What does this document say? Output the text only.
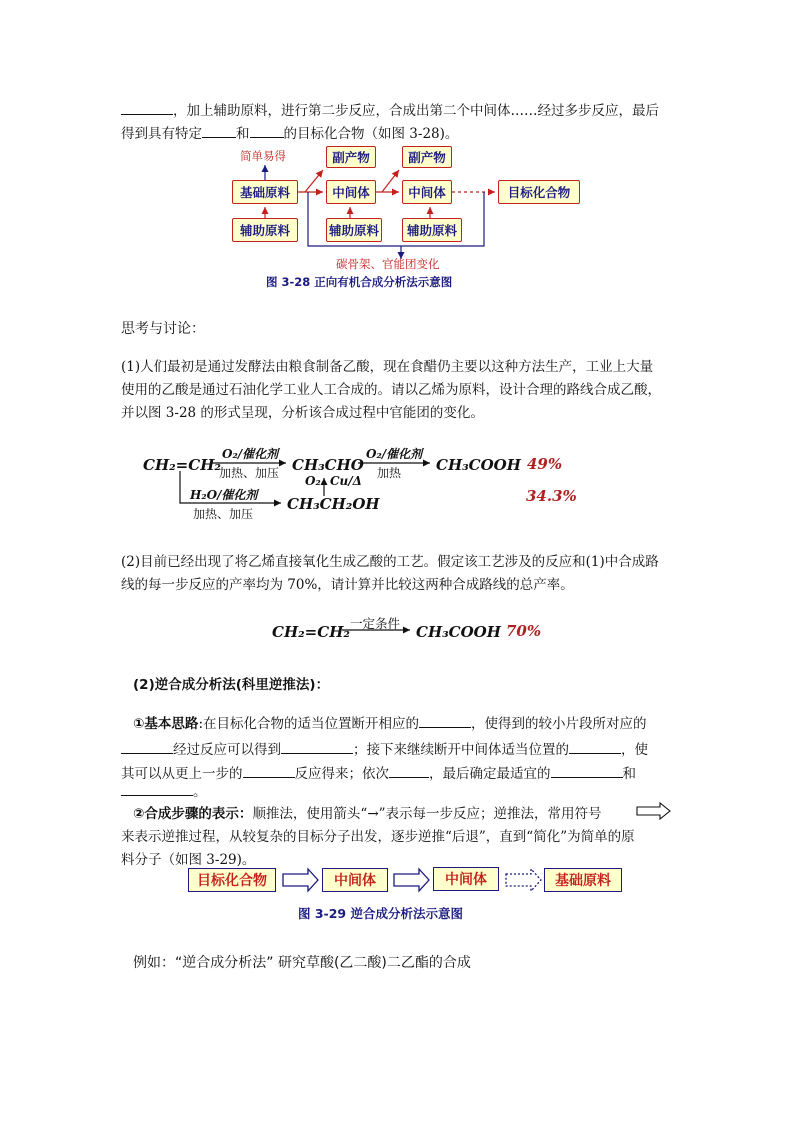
，加上辅助原料，进行第二步反应，合成出第二个中间体……经过多步反应，最后
得到具有特定	和	的目标化合物（如图 3-28)。
简单易得
基础原料
辅助原料
副产物
中间体
辅助原料
副产物
中间体
辅助原料
目标化合物
碳骨架、官能团变化
图 3-28 正向有机合成分析法示意图
思考与讨论：
(1)人们最初是通过发酵法由粮食制备乙酸，现在食醋仍主要以这种方法生产，工业上大量
使用的乙酸是通过石油化学工业人工合成的。请以乙烯为原料，设计合理的路线合成乙酸，
并以图 3-28 的形式呈现，分析该合成过程中官能团的变化。
CH₂=CH₂
O₂/催化剂
加热、加压 CH₃CHO
O₂/催化剂
加热 CH₃COOH 49%
O₂ Cu/Δ
H₂O/催化剂
加热、加压
CH₃CH₂OH	34.3%
(2)目前已经出现了将乙烯直接氧化生成乙酸的工艺。假定该工艺涉及的反应和(1)中合成路
线的每一步反应的产率均为 70%，请计算并比较这两种合成路线的总产率。
CH₂=CH₂ 一定条件 CH₃COOH 70%
(2)逆合成分析法(科里逆推法)：
①基本思路:在目标化合物的适当位置断开相应的	，使得到的较小片段所对应的
经过反应可以得到	；接下来继续断开中间体适当位置的	，使
其可以从更上一步的	反应得来；依次	，最后确定最适宜的	和
。
②合成步骤的表示：顺推法，使用箭头“→”表示每一步反应；逆推法，常用符号
来表示逆推过程，从较复杂的目标分子出发，逐步逆推“后退”，直到“简化”为简单的原
料分子（如图 3-29)。
目标化合物	中间体	中间体	基础原料
图 3-29 逆合成分析法示意图
例如：“逆合成分析法” 研究草酸(乙二酸)二乙酯的合成
